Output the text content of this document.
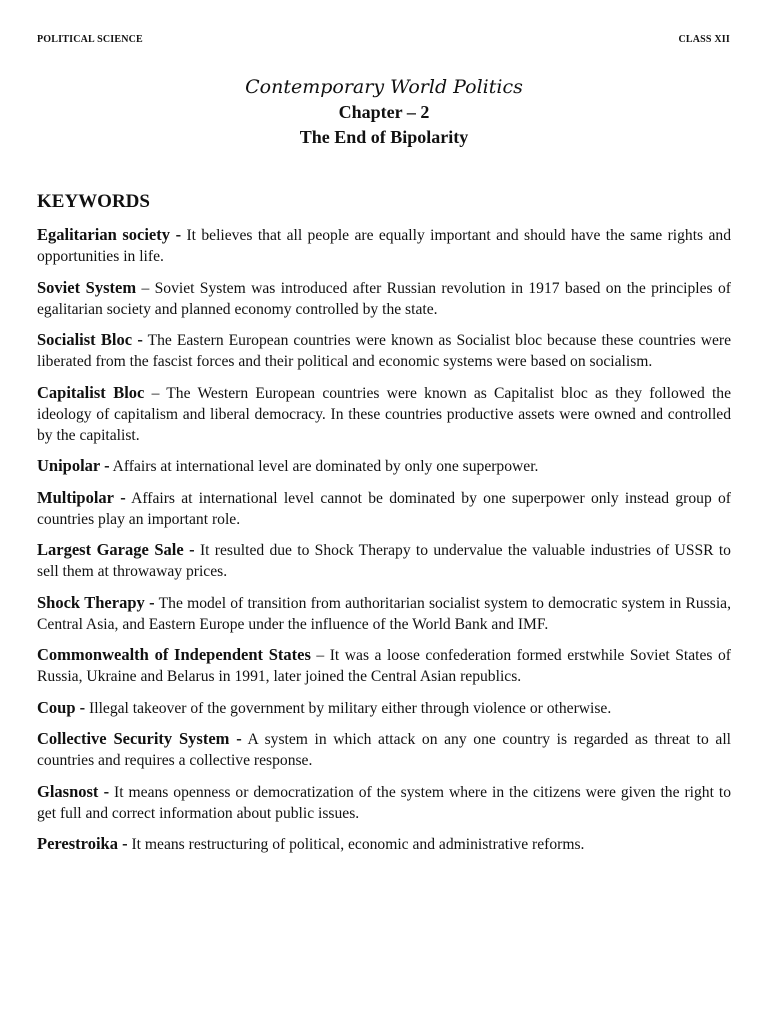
POLITICAL SCIENCE	CLASS XII
Contemporary World Politics
Chapter – 2
The End of Bipolarity
KEYWORDS

Egalitarian society - It believes that all people are equally important and should have the same rights and opportunities in life.

Soviet System – Soviet System was introduced after Russian revolution in 1917 based on the principles of egalitarian society and planned economy controlled by the state.

Socialist Bloc - The Eastern European countries were known as Socialist bloc because these countries were liberated from the fascist forces and their political and economic systems were based on socialism.

Capitalist Bloc – The Western European countries were known as Capitalist bloc as they followed the ideology of capitalism and liberal democracy. In these countries productive assets were owned and controlled by the capitalist.

Unipolar - Affairs at international level are dominated by only one superpower.

Multipolar - Affairs at international level cannot be dominated by one superpower only instead group of countries play an important role.

Largest Garage Sale - It resulted due to Shock Therapy to undervalue the valuable industries of USSR to sell them at throwaway prices.

Shock Therapy - The model of transition from authoritarian socialist system to democratic system in Russia, Central Asia, and Eastern Europe under the influence of the World Bank and IMF.

Commonwealth of Independent States – It was a loose confederation formed erstwhile Soviet States of Russia, Ukraine and Belarus in 1991, later joined the Central Asian republics.

Coup - Illegal takeover of the government by military either through violence or otherwise.

Collective Security System - A system in which attack on any one country is regarded as threat to all countries and requires a collective response.

Glasnost - It means openness or democratization of the system where in the citizens were given the right to get full and correct information about public issues.

Perestroika - It means restructuring of political, economic and administrative reforms.
